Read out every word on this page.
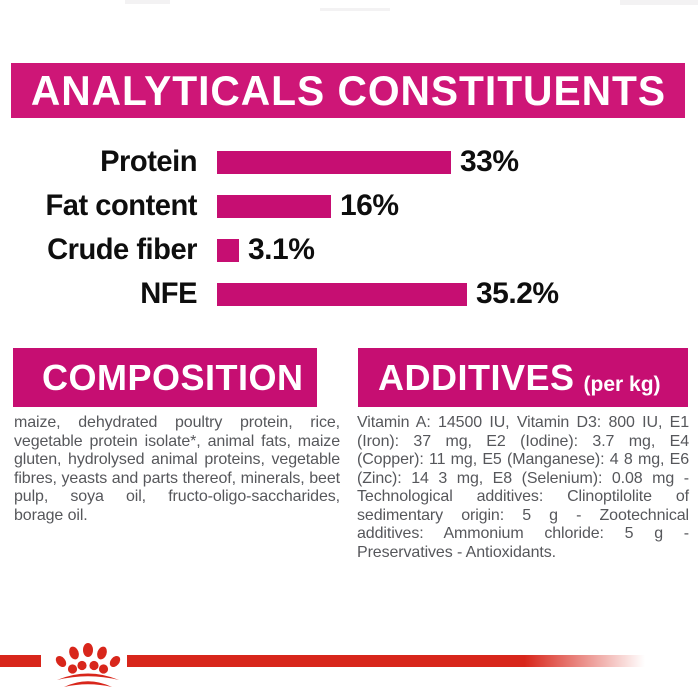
ANALYTICALS CONSTITUENTS
Protein	33%
Fat content	16%
Crude fiber 3.1%
NFE	35.2%
COMPOSITION

maize, dehydrated poultry protein, rice, vegetable protein isolate*, animal fats, maize gluten, hydrolysed animal proteins, vegetable fibres, yeasts and parts thereof, minerals, beet pulp, soya oil, fructo-oligo-saccharides, borage oil.

ADDITIVES (per kg)

Vitamin A: 14500 IU, Vitamin D3: 800 IU, E1 (Iron): 37 mg, E2 (Iodine): 3.7 mg, E4 (Copper): 11 mg, E5 (Manganese): 4 8 mg, E6 (Zinc): 14 3 mg, E8 (Selenium): 0.08 mg -Technological additives: Clinoptilolite of sedimentary origin: 5 g - Zootechnical additives: Ammonium chloride: 5 g - Preservatives - Antioxidants.
